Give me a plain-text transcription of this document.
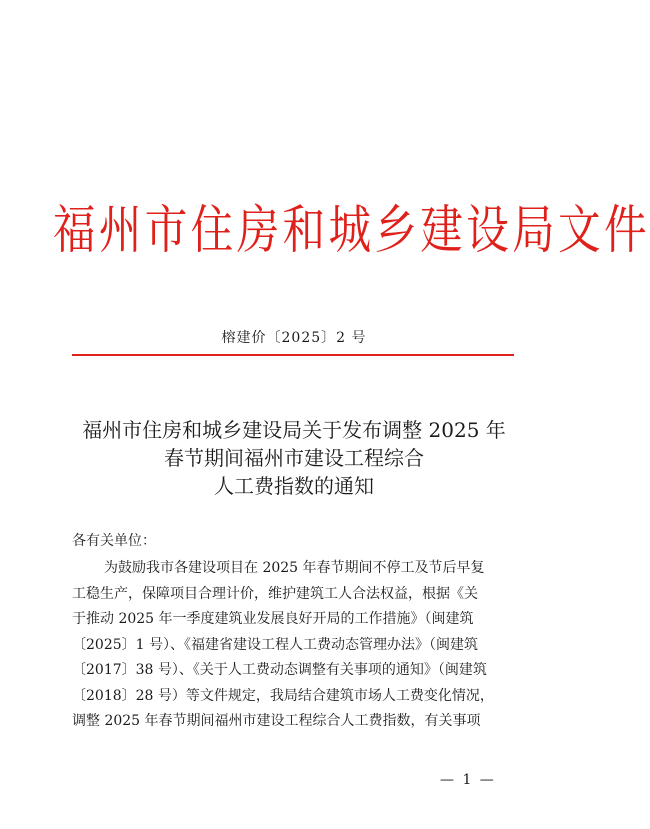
福州市住房和城乡建设局文件
榕建价〔2025〕2 号
福州市住房和城乡建设局关于发布调整 2025 年
春节期间福州市建设工程综合
人工费指数的通知
各有关单位：
为鼓励我市各建设项目在 2025 年春节期间不停工及节后早复
工稳生产，保障项目合理计价，维护建筑工人合法权益，根据《关
于推动 2025 年一季度建筑业发展良好开局的工作措施》（闽建筑
〔2025〕1 号）、《福建省建设工程人工费动态管理办法》（闽建筑
〔2017〕38 号）、《关于人工费动态调整有关事项的通知》（闽建筑
〔2018〕28 号）等文件规定，我局结合建筑市场人工费变化情况，
调整 2025 年春节期间福州市建设工程综合人工费指数，有关事项
— 1 —
